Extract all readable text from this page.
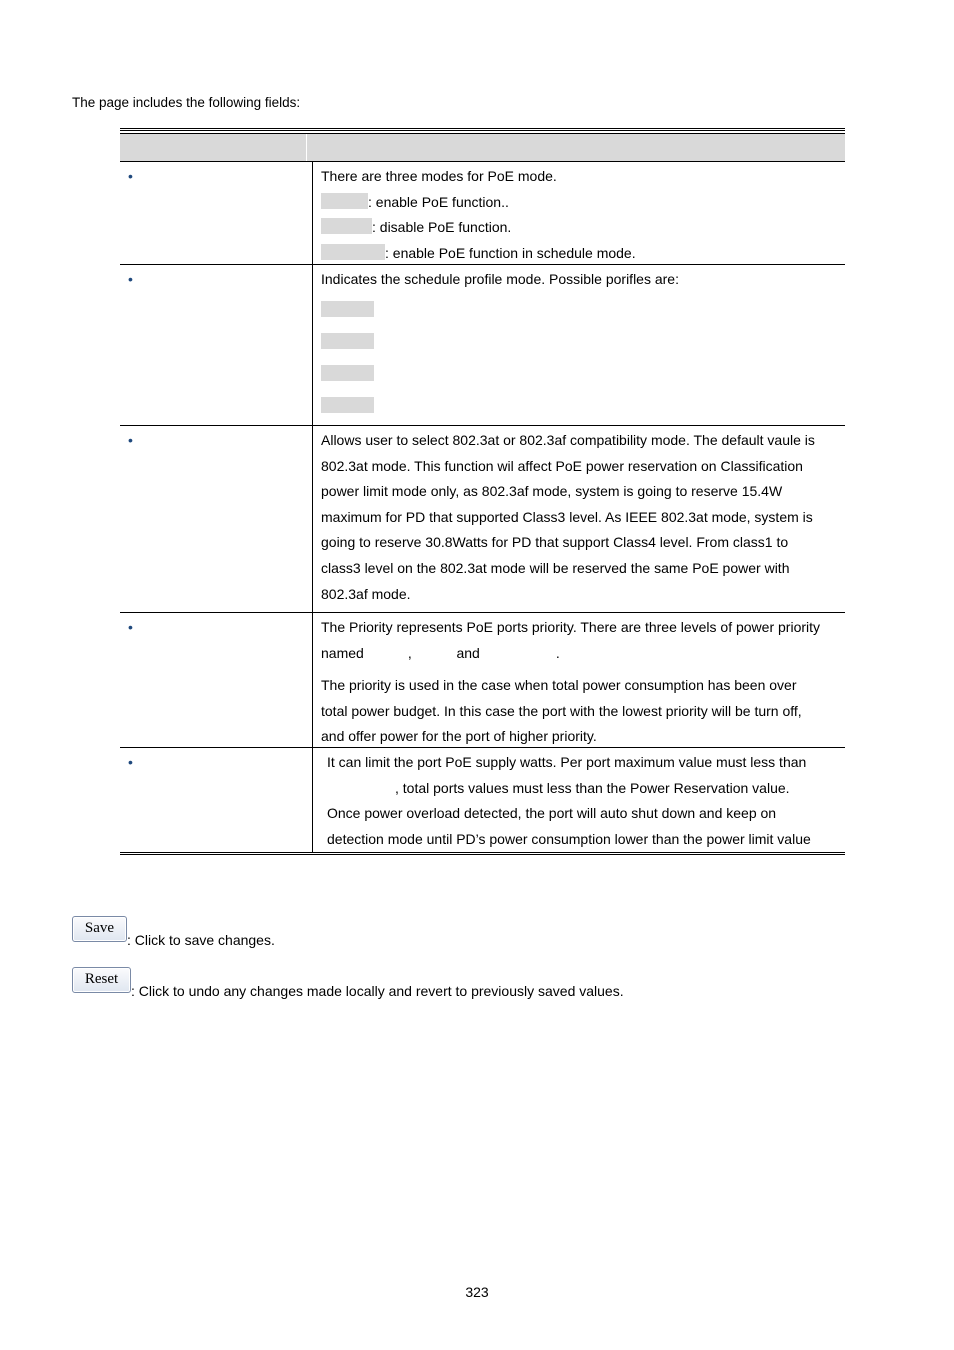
The page includes the following fields:
•	There are three modes for PoE mode.

: enable PoE function..

: disable PoE function.

: enable PoE function in schedule mode.

•	Indicates the schedule profile mode. Possible porifles are:

•	Allows user to select 802.3at or 802.3af compatibility mode. The default vaule is

802.3at mode. This function wil affect PoE power reservation on Classification

power limit mode only, as 802.3af mode, system is going to reserve 15.4W

maximum for PD that supported Class3 level. As IEEE 802.3at mode, system is

going to reserve 30.8Watts for PD that support Class4 level. From class1 to

class3 level on the 802.3at mode will be reserved the same PoE power with

802.3af mode.

•	The Priority represents PoE ports priority. There are three levels of power priority

named	,	and	.

The priority is used in the case when total power consumption has been over

total power budget. In this case the port with the lowest priority will be turn off,

and offer power for the port of higher priority.

•	It can limit the port PoE supply watts. Per port maximum value must less than

, total ports values must less than the Power Reservation value.

Once power overload detected, the port will auto shut down and keep on

detection mode until PD’s power consumption lower than the power limit value

Save
: Click to save changes.
Reset
: Click to undo any changes made locally and revert to previously saved values.
323
